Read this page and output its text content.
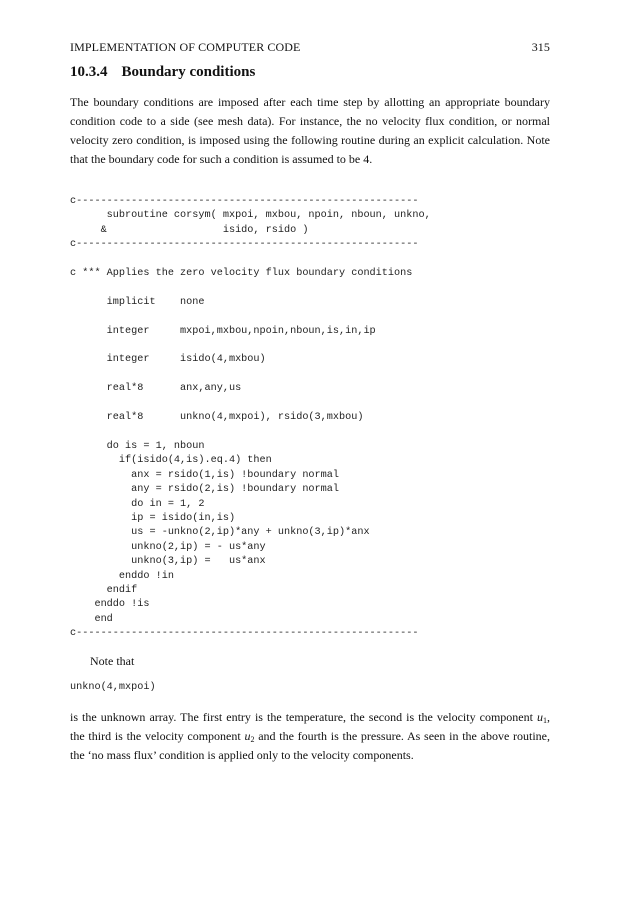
IMPLEMENTATION OF COMPUTER CODE	315
10.3.4 Boundary conditions

The boundary conditions are imposed after each time step by allotting an appropriate boundary condition code to a side (see mesh data). For instance, the no velocity flux condition, or normal velocity zero condition, is imposed using the following routine during an explicit calculation. Note that the boundary code for such a condition is assumed to be 4.

c--------------------------------------------------------
subroutine corsym( mxpoi, mxbou, npoin, nboun, unkno,
&                   isido, rsido )
c--------------------------------------------------------

c *** Applies the zero velocity flux boundary conditions

implicit    none

integer     mxpoi,mxbou,npoin,nboun,is,in,ip

integer     isido(4,mxbou)

real*8      anx,any,us

real*8      unkno(4,mxpoi), rsido(3,mxbou)

do is = 1, nboun
if(isido(4,is).eq.4) then
anx = rsido(1,is) !boundary normal
any = rsido(2,is) !boundary normal
do in = 1, 2
ip = isido(in,is)
us = -unkno(2,ip)*any + unkno(3,ip)*anx
unkno(2,ip) = - us*any
unkno(3,ip) =   us*anx
enddo !in
endif
enddo !is
end
c--------------------------------------------------------

Note that

unkno(4,mxpoi)

is the unknown array. The first entry is the temperature, the second is the velocity component $u_1$, the third is the velocity component $u_2$ and the fourth is the pressure. As seen in the above routine, the ‘no mass flux’ condition is applied only to the velocity components.
